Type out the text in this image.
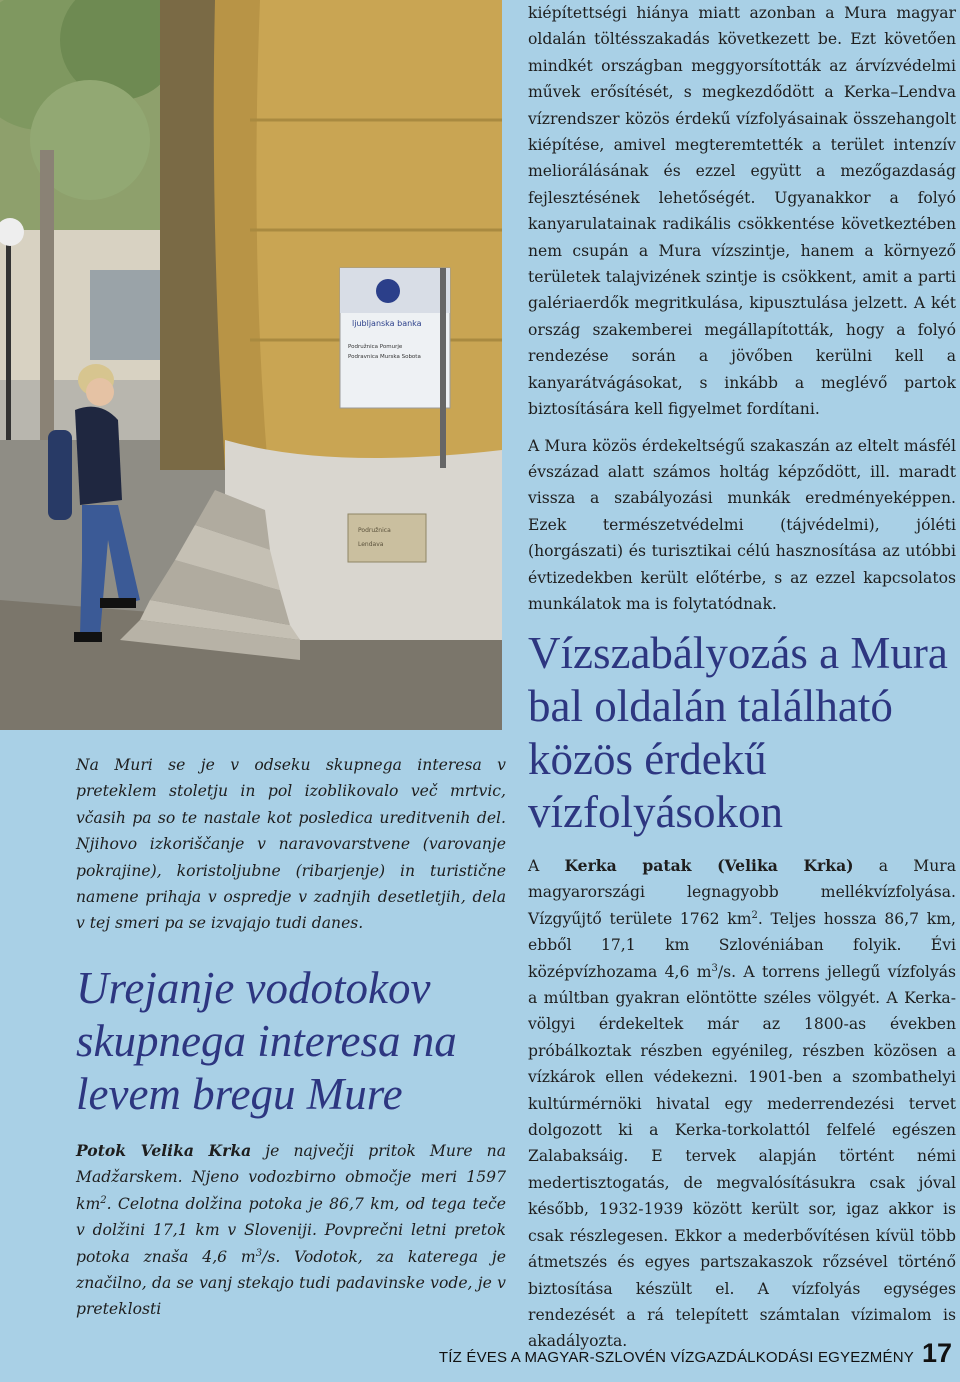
ljubljanska banka
Podružnica Pomurje
Podravnica Murska Sobota
Podružnica
Lendava

kiépítettségi hiánya miatt azonban a Mura magyar oldalán töltésszakadás következett be. Ezt követően mindkét országban meggyorsították az árvízvédelmi művek erősítését, s megkezdődött a Kerka–Lendva vízrendszer közös érdekű vízfolyásainak összehangolt kiépítése, amivel megteremtették a terület intenzív meliorálásának és ezzel együtt a mezőgazdaság fejlesztésének lehetőségét. Ugyanakkor a folyó kanyarulatainak radikális csökkentése következtében nem csupán a Mura vízszintje, hanem a környező területek talajvizének szintje is csökkent, amit a parti galériaerdők megritkulása, kipusztulása jelzett. A két ország szakemberei megállapították, hogy a folyó rendezése során a jövőben kerülni kell a kanyarátvágásokat, s inkább a meglévő partok biztosítására kell figyelmet fordítani.

A Mura közös érdekeltségű szakaszán az eltelt másfél évszázad alatt számos holtág képződött, ill. maradt vissza a szabályozási munkák eredményeképpen. Ezek természetvédelmi (tájvédelmi), jóléti (horgászati) és turisztikai célú hasznosítása az utóbbi évtizedekben került előtérbe, s az ezzel kapcsolatos munkálatok ma is folytatódnak.

Na Muri se je v odseku skupnega interesa v preteklem stoletju in pol izoblikovalo več mrtvic, včasih pa so te nastale kot posledica ureditvenih del. Njihovo izkoriščanje v naravovarstvene (varovanje pokrajine), koristoljubne (ribarjenje) in turistične namene prihaja v ospredje v zadnjih desetletjih, dela v tej smeri pa se izvajajo tudi danes.

Urejanje vodotokov skupnega interesa na levem bregu Mure

Potok Velika Krka je največji pritok Mure na Madžarskem. Njeno vodozbirno območje meri 1597 $km^2$. Celotna dolžina potoka je 86,7 km, od tega teče v dolžini 17,1 km v Sloveniji. Povprečni letni pretok potoka znaša 4,6 $m^3/s$. Vodotok, za katerega je značilno, da se vanj stekajo tudi padavinske vode, je v preteklosti

Vízszabályozás a Mura bal oldalán található közös érdekű vízfolyásokon

A Kerka patak (Velika Krka) a Mura magyarországi legnagyobb mellékvízfolyása. Vízgyűjtő területe 1762 $km^2$. Teljes hossza 86,7 km, ebből 17,1 km Szlovéniában folyik. Évi középvízhozama 4,6 $m^3/s$. A torrens jellegű vízfolyás a múltban gyakran elöntötte széles völgyét. A Kerka-völgyi érdekeltek már az 1800-as években próbálkoztak részben egyénileg, részben közösen a vízkárok ellen védekezni. 1901-ben a szombathelyi kultúrmérnöki hivatal egy mederrendezési tervet dolgozott ki a Kerka-torkolattól felfelé egészen Zalabaksáig. E tervek alapján történt némi medertisztogatás, de megvalósításukra csak jóval később, 1932-1939 között került sor, igaz akkor is csak részlegesen. Ekkor a mederbővítésen kívül több átmetszés és egyes partszakaszok rőzsével történő biztosítása készült el. A vízfolyás egységes rendezését a rá telepített számtalan vízimalom is akadályozta.

TÍZ ÉVES A MAGYAR-SZLOVÉN VÍZGAZDÁLKODÁSI EGYEZMÉNY 17
